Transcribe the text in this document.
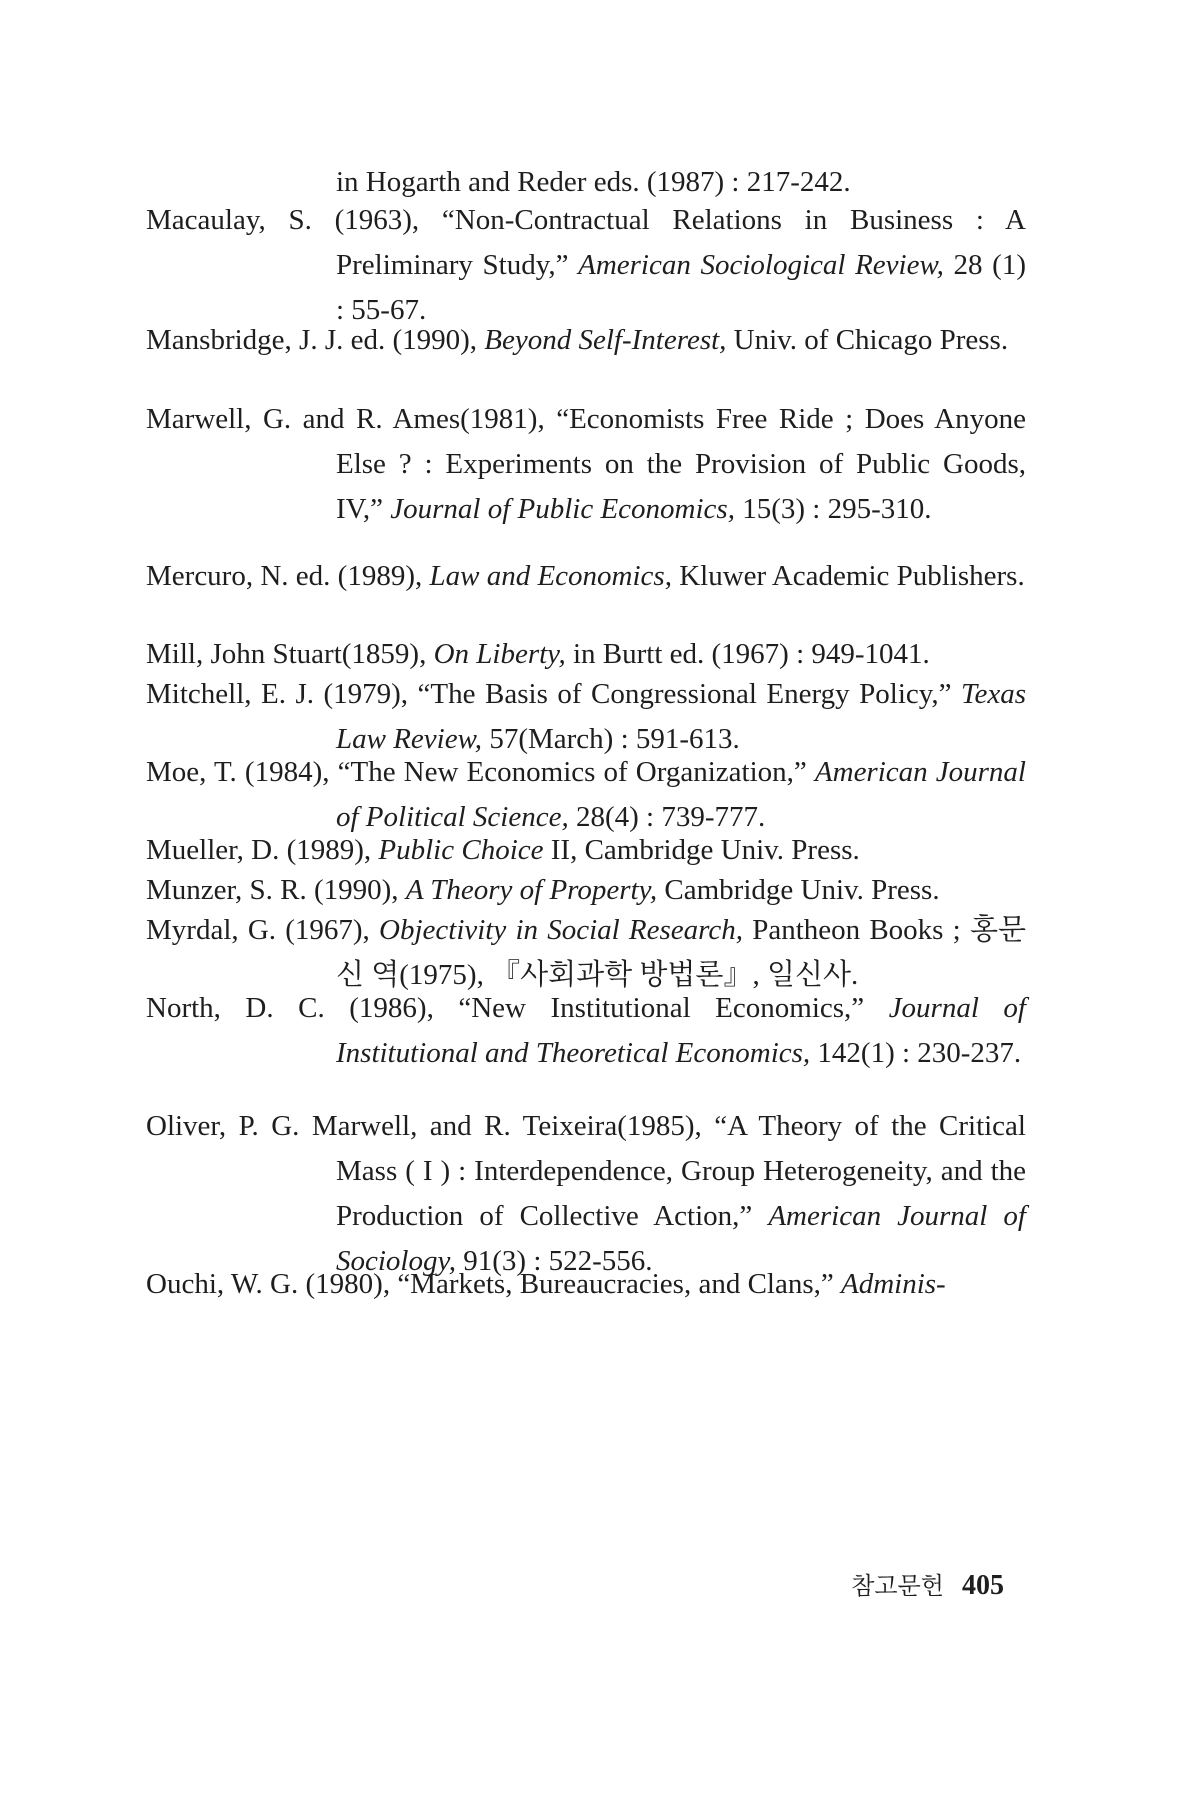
in Hogarth and Reder eds. (1987) : 217-242.
Macaulay, S. (1963), “Non-Contractual Relations in Business : A Preliminary Study,” American Sociological Review, 28 (1) : 55-67.
Mansbridge, J. J. ed. (1990), Beyond Self-Interest, Univ. of Chicago Press.
Marwell, G. and R. Ames(1981), “Economists Free Ride ; Does Anyone Else ? : Experiments on the Provision of Public Goods, IV,” Journal of Public Economics, 15(3) : 295-310.
Mercuro, N. ed. (1989), Law and Economics, Kluwer Academic Publishers.
Mill, John Stuart(1859), On Liberty, in Burtt ed. (1967) : 949-1041.
Mitchell, E. J. (1979), “The Basis of Congressional Energy Policy,” Texas Law Review, 57(March) : 591-613.
Moe, T. (1984), “The New Economics of Organization,” American Journal of Political Science, 28(4) : 739-777.
Mueller, D. (1989), Public Choice II, Cambridge Univ. Press.
Munzer, S. R. (1990), A Theory of Property, Cambridge Univ. Press.
Myrdal, G. (1967), Objectivity in Social Research, Pantheon Books ; 홍문신 역(1975), 『사회과학 방법론』, 일신사.
North, D. C. (1986), “New Institutional Economics,” Journal of Institutional and Theoretical Economics, 142(1) : 230-237.
Oliver, P. G. Marwell, and R. Teixeira(1985), “A Theory of the Critical Mass ( I ) : Interdependence, Group Heterogeneity, and the Production of Collective Action,” American Journal of Sociology, 91(3) : 522-556.
Ouchi, W. G. (1980), “Markets, Bureaucracies, and Clans,” Adminis-
참고문헌 405
